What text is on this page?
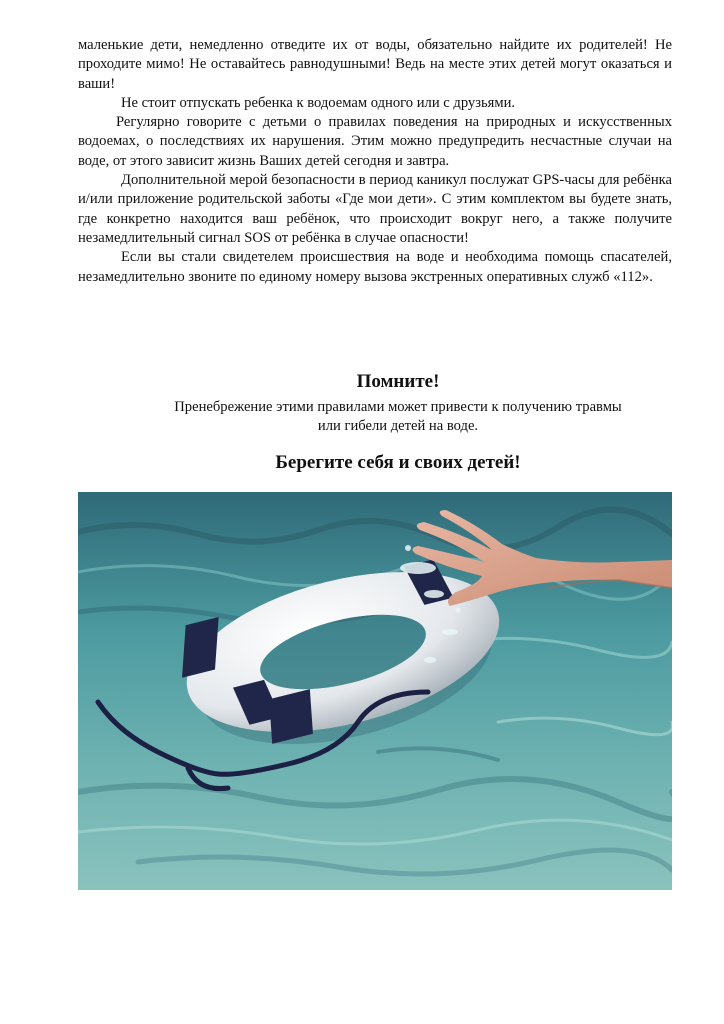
маленькие дети, немедленно отведите их от воды, обязательно найдите их родителей! Не проходите мимо! Не оставайтесь равнодушными! Ведь на месте этих детей могут оказаться и ваши!

Не стоит отпускать ребенка к водоемам одного или с друзьями.

Регулярно говорите с детьми о правилах поведения на природных и искусственных водоемах, о последствиях их нарушения. Этим можно предупредить несчастные случаи на воде, от этого зависит жизнь Ваших детей сегодня и завтра.

Дополнительной мерой безопасности в период каникул послужат GPS-часы для ребёнка и/или приложение родительской заботы «Где мои дети». С этим комплектом вы будете знать, где конкретно находится ваш ребёнок, что происходит вокруг него, а также получите незамедлительный сигнал SOS от ребёнка в случае опасности!

Если вы стали свидетелем происшествия на воде и необходима помощь спасателей, незамедлительно звоните по единому номеру вызова экстренных оперативных служб «112».

Помните!
Пренебрежение этими правилами может привести к получению травмы
или гибели детей на воде.
Берегите себя и своих детей!
